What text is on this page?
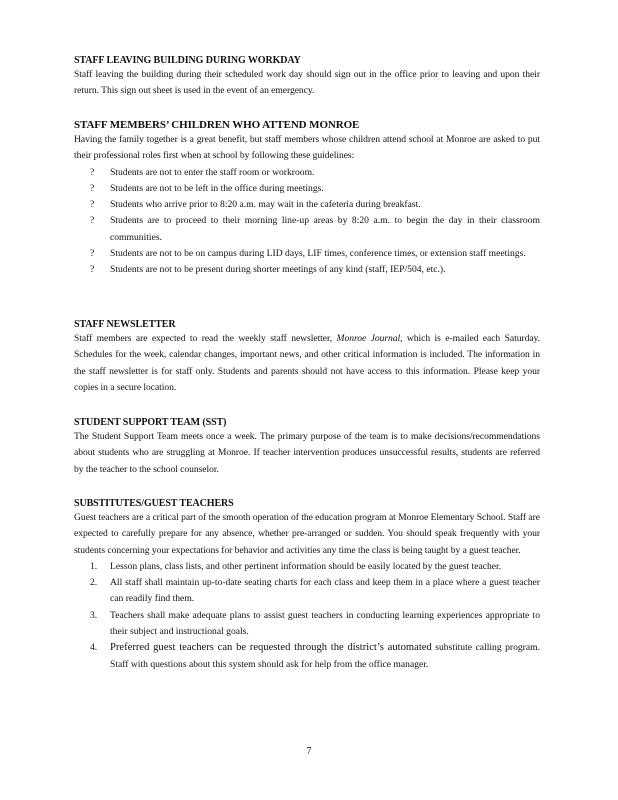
STAFF LEAVING BUILDING DURING WORKDAY
Staff leaving the building during their scheduled work day should sign out in the office prior to leaving and upon their return. This sign out sheet is used in the event of an emergency.
STAFF MEMBERS’ CHILDREN WHO ATTEND MONROE
Having the family together is a great benefit, but staff members whose children attend school at Monroe are asked to put their professional roles first when at school by following these guidelines:
? Students are not to enter the staff room or workroom.
? Students are not to be left in the office during meetings.
? Students who arrive prior to 8:20 a.m. may wait in the cafeteria during breakfast.
? Students are to proceed to their morning line-up areas by 8:20 a.m. to begin the day in their classroom communities.
? Students are not to be on campus during LID days, LIF times, conference times, or extension staff meetings.
? Students are not to be present during shorter meetings of any kind (staff, IEP/504, etc.).
STAFF NEWSLETTER
Staff members are expected to read the weekly staff newsletter, Monroe Journal, which is e-mailed each Saturday. Schedules for the week, calendar changes, important news, and other critical information is included. The information in the staff newsletter is for staff only. Students and parents should not have access to this information. Please keep your copies in a secure location.
STUDENT SUPPORT TEAM (SST)
The Student Support Team meets once a week. The primary purpose of the team is to make decisions/recommendations about students who are struggling at Monroe. If teacher intervention produces unsuccessful results, students are referred by the teacher to the school counselor.
SUBSTITUTES/GUEST TEACHERS
Guest teachers are a critical part of the smooth operation of the education program at Monroe Elementary School. Staff are expected to carefully prepare for any absence, whether pre-arranged or sudden. You should speak frequently with your students concerning your expectations for behavior and activities any time the class is being taught by a guest teacher.
1. Lesson plans, class lists, and other pertinent information should be easily located by the guest teacher.
2. All staff shall maintain up-to-date seating charts for each class and keep them in a place where a guest teacher can readily find them.
3. Teachers shall make adequate plans to assist guest teachers in conducting learning experiences appropriate to their subject and instructional goals.
4. Preferred guest teachers can be requested through the district’s automated substitute calling program. Staff with questions about this system should ask for help from the office manager.
7
